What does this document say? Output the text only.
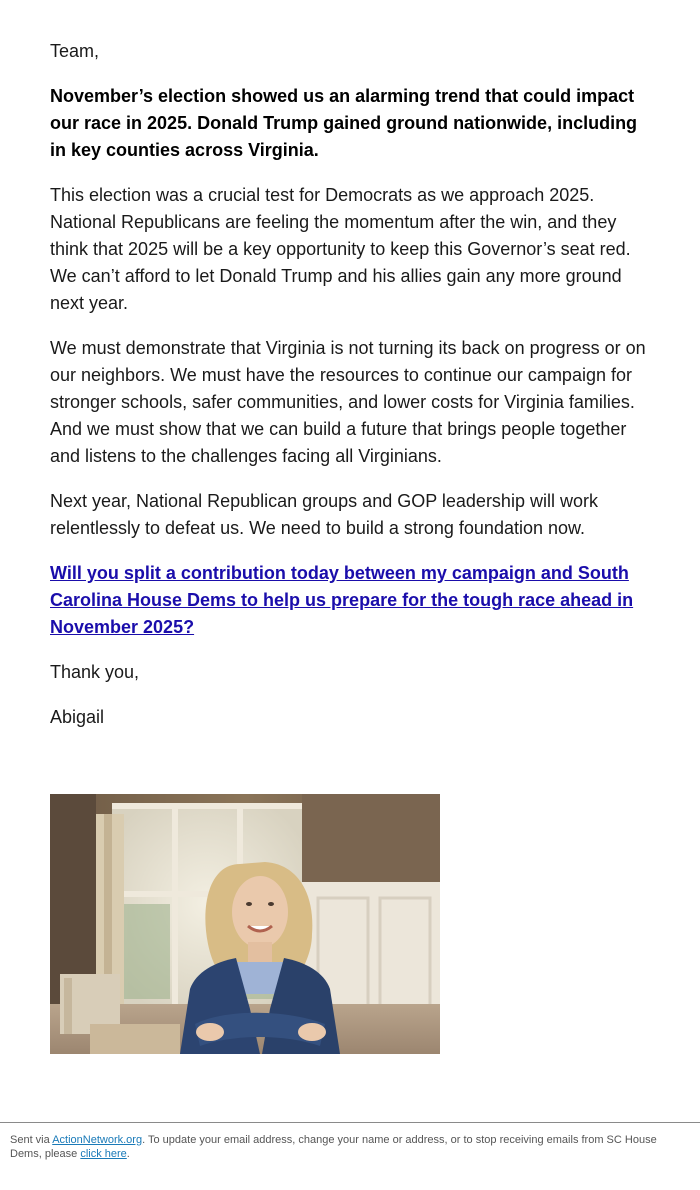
Team,

November’s election showed us an alarming trend that could impact our race in 2025. Donald Trump gained ground nationwide, including in key counties across Virginia.

This election was a crucial test for Democrats as we approach 2025. National Republicans are feeling the momentum after the win, and they think that 2025 will be a key opportunity to keep this Governor’s seat red. We can’t afford to let Donald Trump and his allies gain any more ground next year.

We must demonstrate that Virginia is not turning its back on progress or on our neighbors. We must have the resources to continue our campaign for stronger schools, safer communities, and lower costs for Virginia families. And we must show that we can build a future that brings people together and listens to the challenges facing all Virginians.

Next year, National Republican groups and GOP leadership will work relentlessly to defeat us. We need to build a strong foundation now.

Will you split a contribution today between my campaign and South Carolina House Dems to help us prepare for the tough race ahead in November 2025?

Thank you,

Abigail

Sent via ActionNetwork.org. To update your email address, change your name or address, or to stop receiving emails from SC House Dems, please click here.
